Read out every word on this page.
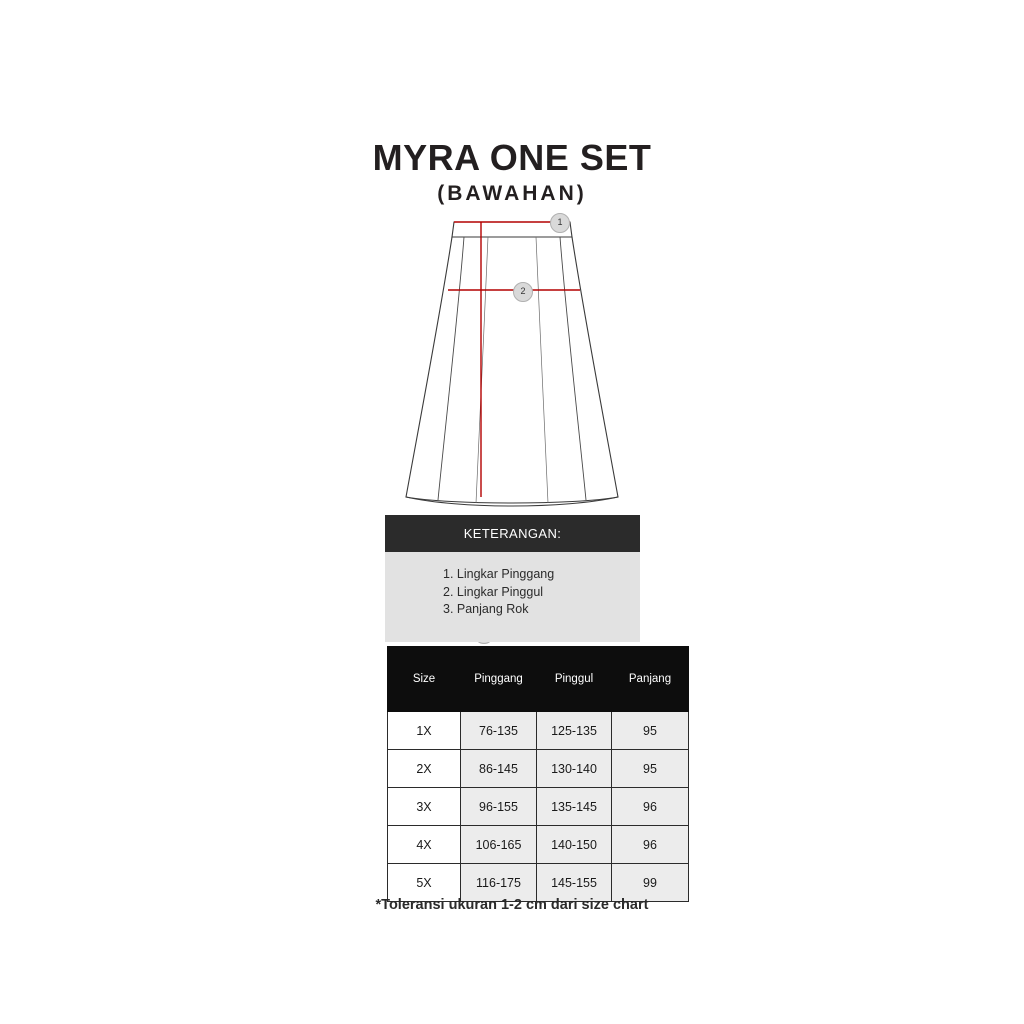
MYRA ONE SET
(BAWAHAN)
1
2
KETERANGAN:
1. Lingkar Pinggang
2. Lingkar Pinggul
3. Panjang Rok
Size	Pinggang	Pinggul	Panjang
1X	76-135	125-135	95
2X	86-145	130-140	95
3X	96-155	135-145	96
4X	106-165	140-150	96
5X	116-175	145-155	99
*Toleransi ukuran 1-2 cm dari size chart
